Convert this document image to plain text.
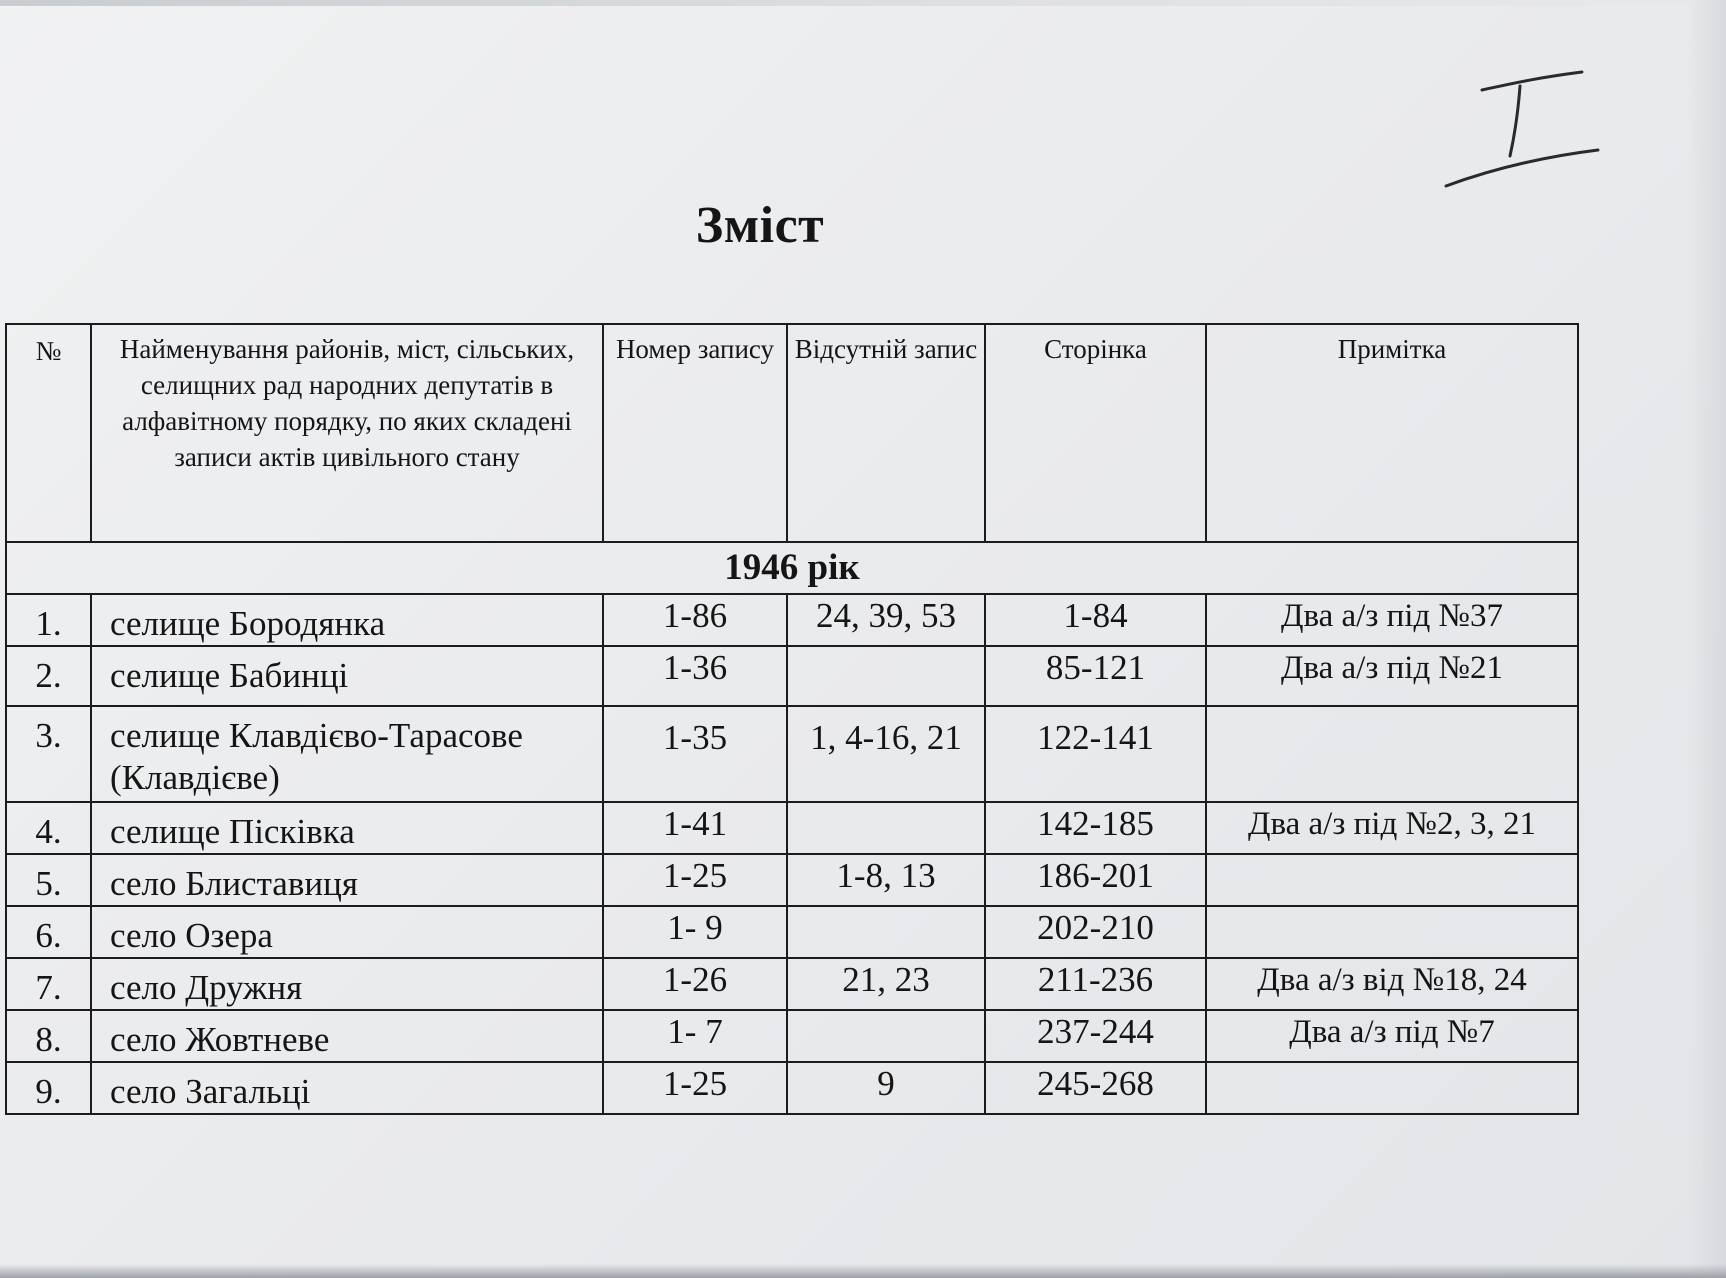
Зміст
№	Найменування районів, міст, сільських, селищних рад народних депутатів в алфавітному порядку, по яких складені записи актів цивільного стану	Номер запису	Відсутній запис	Сторінка	Примітка
1946 рік					
1.	селище Бородянка	1-86	24, 39, 53	1-84	Два а/з під №37
2.	селище Бабинці	1-36		85-121	Два а/з під №21
3.	селище Клавдієво-Тарасове (Клавдієве)	1-35	1, 4-16, 21	122-141	
4.	селище Пісківка	1-41		142-185	Два а/з під №2, 3, 21
5.	село Блиставиця	1-25	1-8, 13	186-201	
6.	село Озера	1- 9		202-210	
7.	село Дружня	1-26	21, 23	211-236	Два а/з від №18, 24
8.	село Жовтневе	1- 7		237-244	Два а/з під №7
9.	село Загальці	1-25	9	245-268	
